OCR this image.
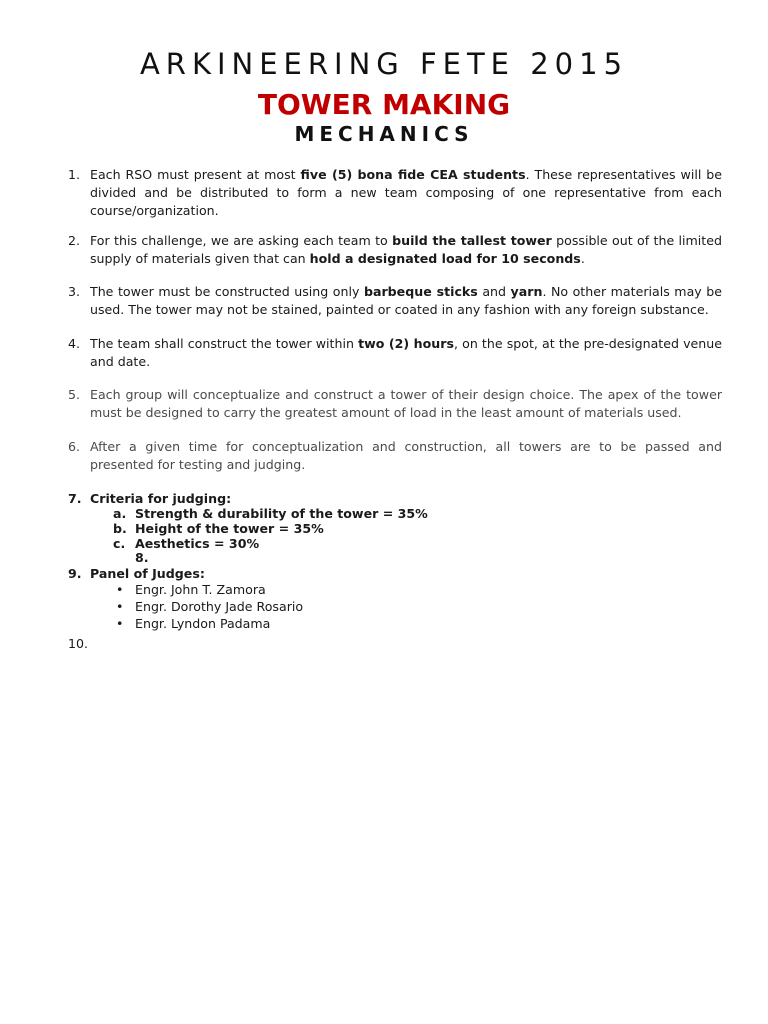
ARKINEERING FETE 2015
TOWER MAKING
MECHANICS
1. Each RSO must present at most five (5) bona fide CEA students. These representatives will be divided and be distributed to form a new team composing of one representative from each course/organization.
2. For this challenge, we are asking each team to build the tallest tower possible out of the limited supply of materials given that can hold a designated load for 10 seconds.
3. The tower must be constructed using only barbeque sticks and yarn. No other materials may be used. The tower may not be stained, painted or coated in any fashion with any foreign substance.
4. The team shall construct the tower within two (2) hours, on the spot, at the pre-designated venue and date.
5. Each group will conceptualize and construct a tower of their design choice. The apex of the tower must be designed to carry the greatest amount of load in the least amount of materials used.
6. After a given time for conceptualization and construction, all towers are to be passed and presented for testing and judging.
7. Criteria for judging:
a. Strength & durability of the tower = 35%
b. Height of the tower = 35%
c. Aesthetics = 30%
8.
9. Panel of Judges:
• Engr. John T. Zamora
• Engr. Dorothy Jade Rosario
• Engr. Lyndon Padama
10.
